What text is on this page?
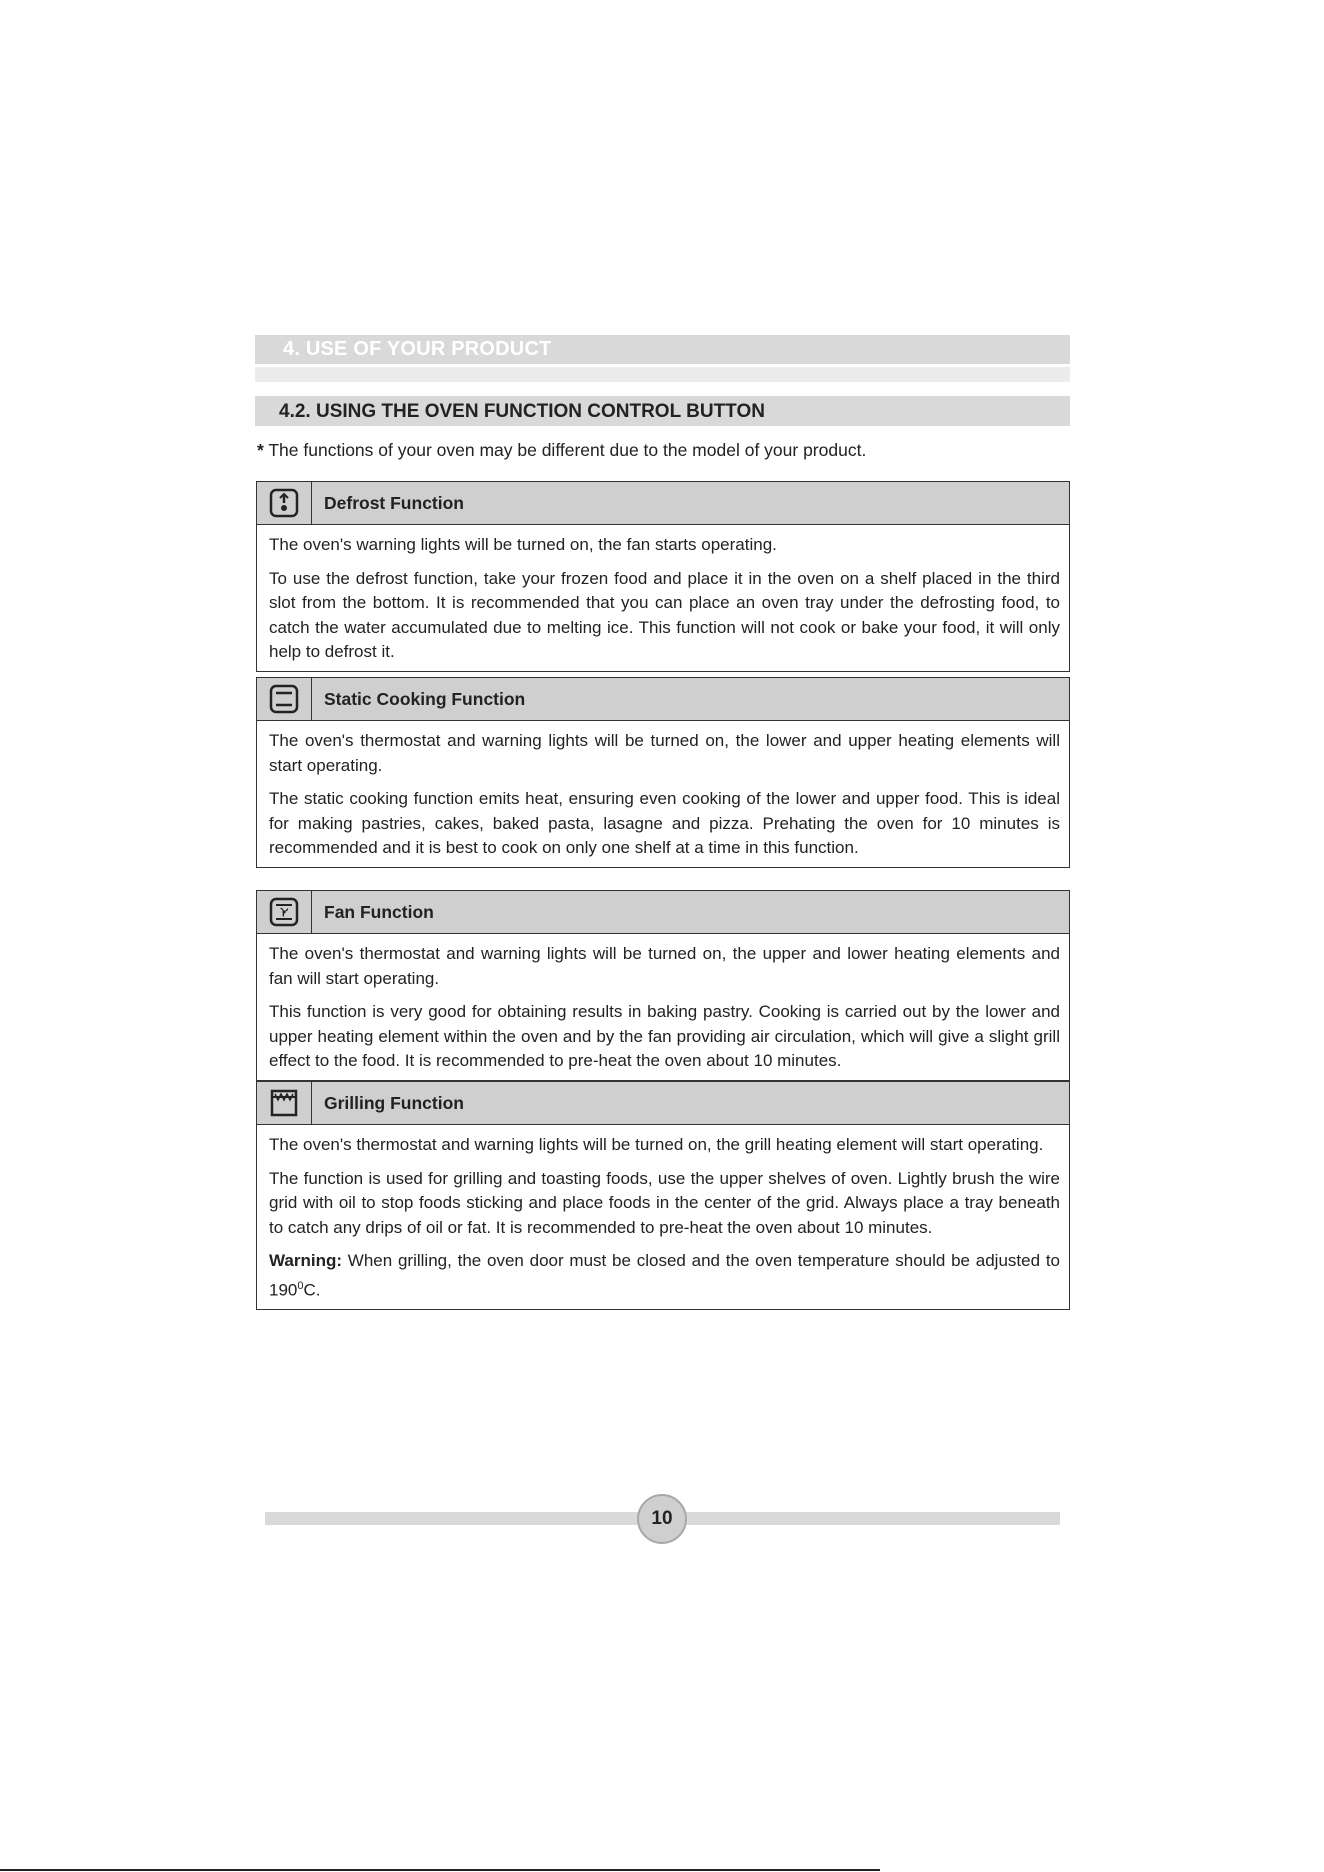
4. USE OF YOUR PRODUCT
4.2. USING THE OVEN FUNCTION CONTROL BUTTON
* The functions of your oven may be different due to the model of your product.
Defrost Function

The oven's warning lights will be turned on, the fan starts operating.

To use the defrost function, take your frozen food and place it in the oven on a shelf placed in the third slot from the bottom. It is recommended that you can place an oven tray under the defrosting food, to catch the water accumulated due to melting ice. This function will not cook or bake your food, it will only help to defrost it.

Static Cooking Function

The oven's thermostat and warning lights will be turned on, the lower and upper heating elements will start operating.

The static cooking function emits heat, ensuring even cooking of the lower and upper food. This is ideal for making pastries, cakes, baked pasta, lasagne and pizza. Prehating the oven for 10 minutes is recommended and it is best to cook on only one shelf at a time in this function.

Fan Function

The oven's thermostat and warning lights will be turned on, the upper and lower heating elements and fan will start operating.

This function is very good for obtaining results in baking pastry. Cooking is carried out by the lower and upper heating element within the oven and by the fan providing air circulation, which will give a slight grill effect to the food. It is recommended to pre-heat the oven about 10 minutes.

Grilling Function

The oven's thermostat and warning lights will be turned on, the grill heating element will start operating.

The function is used for grilling and toasting foods, use the upper shelves of oven. Lightly brush the wire grid with oil to stop foods sticking and place foods in the center of the grid. Always place a tray beneath to catch any drips of oil or fat. It is recommended to pre-heat the oven about 10 minutes.

Warning: When grilling, the oven door must be closed and the oven temperature should be adjusted to $190^0C$.

10
